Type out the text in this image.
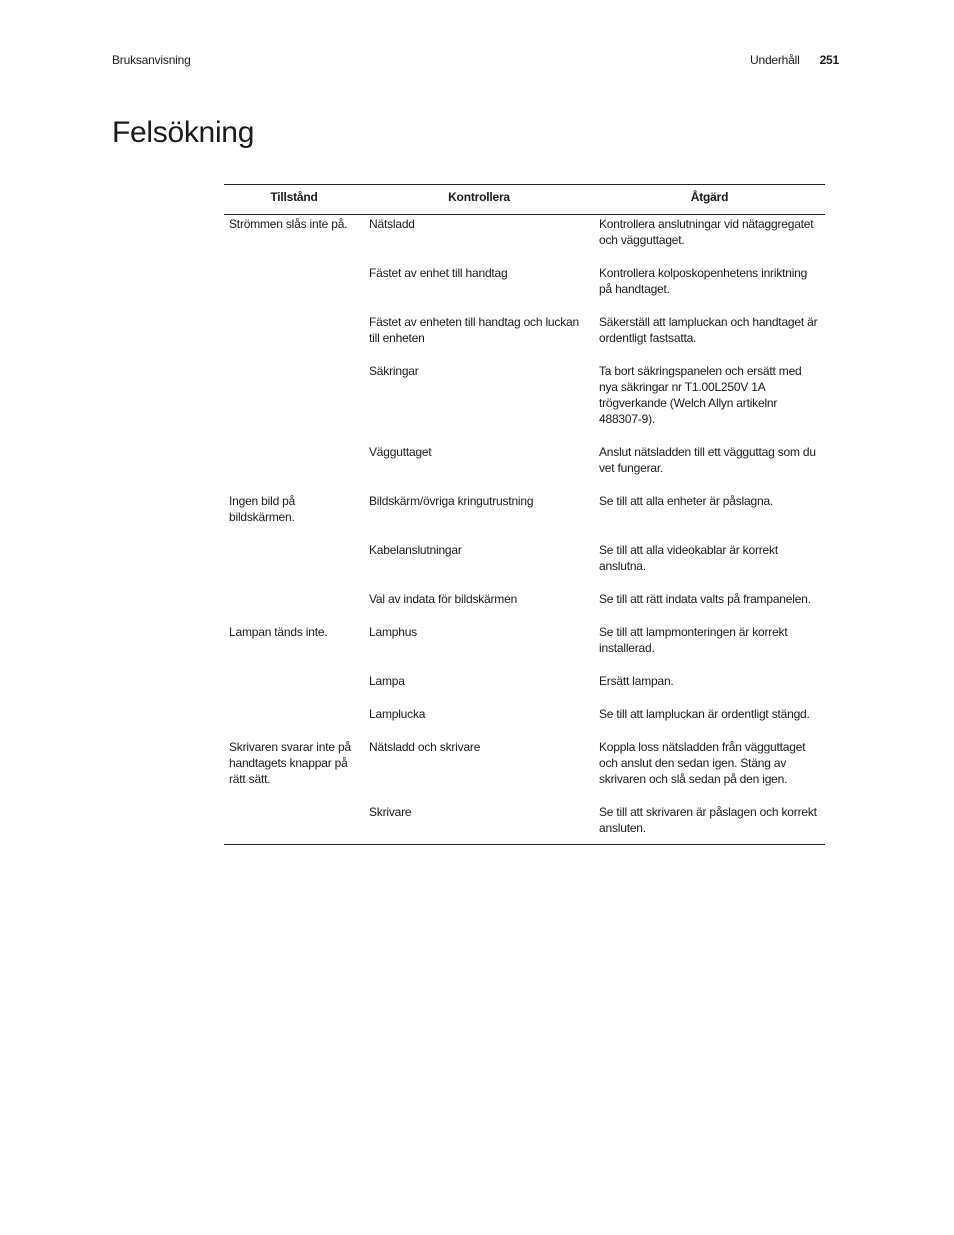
Bruksanvisning	Underhåll 251
Felsökning
Tillstånd	Kontrollera	Åtgärd
Strömmen slås inte på.	Nätsladd	Kontrollera anslutningar vid nätaggregatet och vägguttaget.
	Fästet av enhet till handtag	Kontrollera kolposkopenhetens inriktning på handtaget.
	Fästet av enheten till handtag och luckan till enheten	Säkerställ att lampluckan och handtaget är ordentligt fastsatta.
	Säkringar	Ta bort säkringspanelen och ersätt med nya säkringar nr T1.00L250V 1A trögverkande (Welch Allyn artikelnr 488307-9).
	Vägguttaget	Anslut nätsladden till ett vägguttag som du vet fungerar.
Ingen bild på bildskärmen.	Bildskärm/övriga kringutrustning	Se till att alla enheter är påslagna.
	Kabelanslutningar	Se till att alla videokablar är korrekt anslutna.
	Val av indata för bildskärmen	Se till att rätt indata valts på frampanelen.
Lampan tänds inte.	Lamphus	Se till att lampmonteringen är korrekt installerad.
	Lampa	Ersätt lampan.
	Lamplucka	Se till att lampluckan är ordentligt stängd.
Skrivaren svarar inte på handtagets knappar på rätt sätt.	Nätsladd och skrivare	Koppla loss nätsladden från vägguttaget och anslut den sedan igen. Stäng av skrivaren och slå sedan på den igen.
	Skrivare	Se till att skrivaren är påslagen och korrekt ansluten.
